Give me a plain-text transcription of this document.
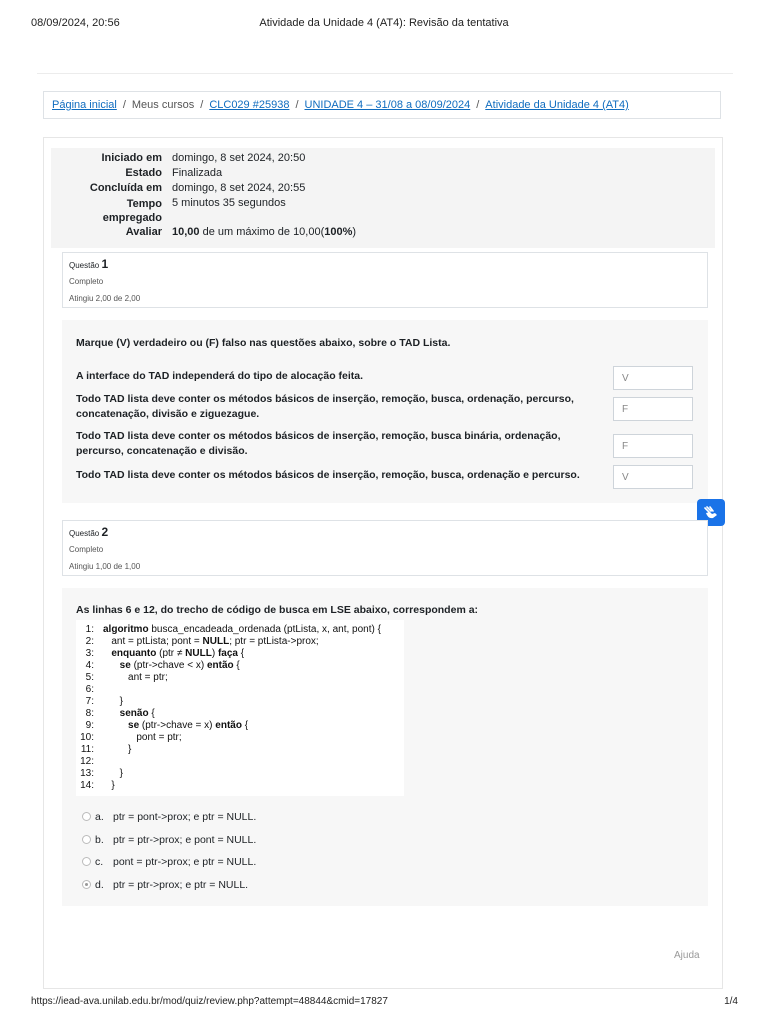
08/09/2024, 20:56	Atividade da Unidade 4 (AT4): Revisão da tentativa
Página inicial / Meus cursos / CLC029 #25938 / UNIDADE 4 – 31/08 a 08/09/2024 / Atividade da Unidade 4 (AT4)
Iniciado em domingo, 8 set 2024, 20:50
Estado Finalizada
Concluída em domingo, 8 set 2024, 20:55
Tempo empregado
5 minutos 35 segundos
Avaliar 10,00 de um máximo de 10,00(100%)
Questão 1
Completo
Atingiu 2,00 de 2,00
Marque (V) verdadeiro ou (F) falso nas questões abaixo, sobre o TAD Lista.
A interface do TAD independerá do tipo de alocação feita.	V
Todo TAD lista deve conter os métodos básicos de inserção, remoção, busca, ordenação, percurso, concatenação, divisão e ziguezague.	F
Todo TAD lista deve conter os métodos básicos de inserção, remoção, busca binária, ordenação, percurso, concatenação e divisão.	F
Todo TAD lista deve conter os métodos básicos de inserção, remoção, busca, ordenação e percurso.	V
Questão 2
Completo
Atingiu 1,00 de 1,00
As linhas 6 e 12, do trecho de código de busca em LSE abaixo, correspondem a:
1: algoritmo busca_encadeada_ordenada (ptLista, x, ant, pont) {
2: ant = ptLista; pont = NULL; ptr = ptLista->prox;
3:	enquanto (ptr ≠ NULL) faça {
4:	se (ptr->chave < x) então {
5: ant = ptr;
6:
7: }
8:	senão {
9:	se (ptr->chave = x) então {
10: pont = ptr;
11: }
12:
13: }
14: }
a. ptr = pont->prox; e ptr = NULL.
b. ptr = ptr->prox; e pont = NULL.
c. pont = ptr->prox; e ptr = NULL.
d. ptr = ptr->prox; e ptr = NULL.
Ajuda
https://iead-ava.unilab.edu.br/mod/quiz/review.php?attempt=48844&cmid=17827	1/4
